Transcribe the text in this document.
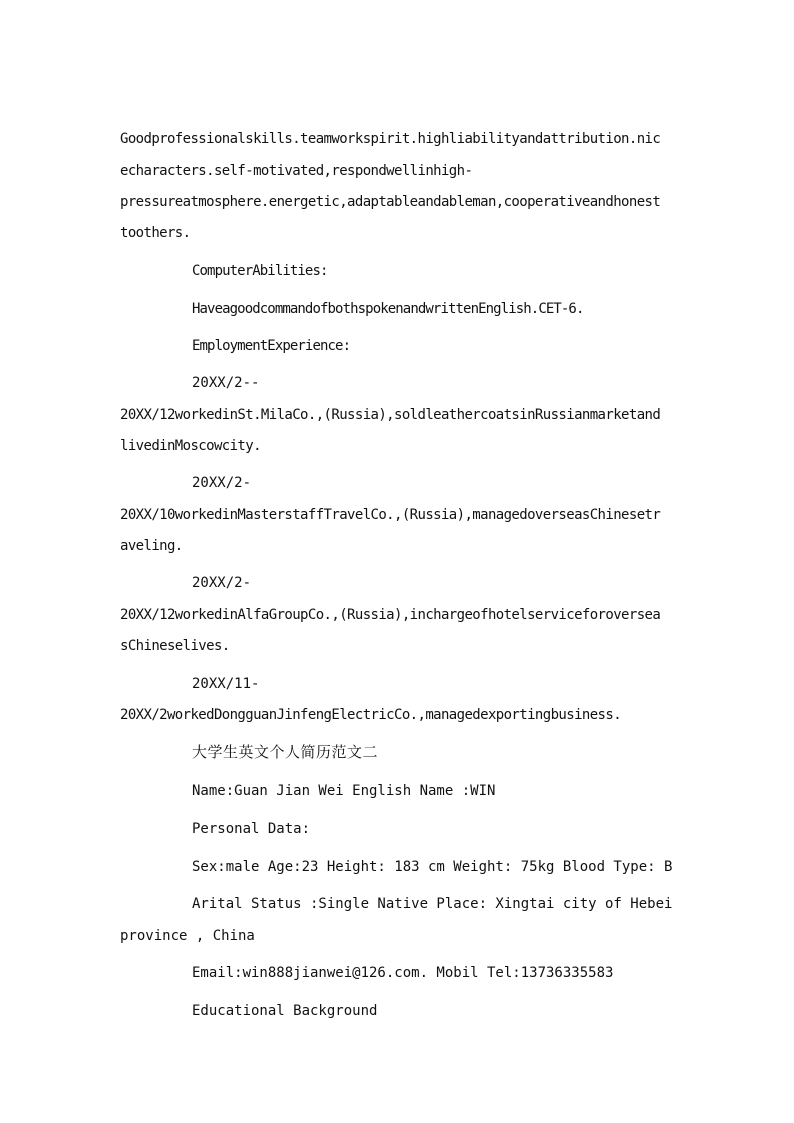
Goodprofessionalskills.teamworkspirit.highliabilityandattribution.nic
echaracters.self-motivated,respondwellinhigh-
pressureatmosphere.energetic,adaptableandableman,cooperativeandhonest
toothers.
ComputerAbilities:
HaveagoodcommandofbothspokenandwrittenEnglish.CET-6.
EmploymentExperience:
20XX/2--
20XX/12workedinSt.MilaCo.,(Russia),soldleathercoatsinRussianmarketand
livedinMoscowcity.
20XX/2-
20XX/10workedinMasterstaffTravelCo.,(Russia),managedoverseasChinesetr
aveling.
20XX/2-
20XX/12workedinAlfaGroupCo.,(Russia),inchargeofhotelserviceforoversea
sChineselives.
20XX/11-
20XX/2workedDongguanJinfengElectricCo.,managedexportingbusiness.
大学生英文个人简历范文二
Name:Guan Jian Wei English Name :WIN
Personal Data:
Sex:male Age:23 Height: 183 cm Weight: 75kg Blood Type: B
Arital Status :Single Native Place: Xingtai city of Hebei
province , China
Email:win888jianwei@126.com. Mobil Tel:13736335583
Educational Background
